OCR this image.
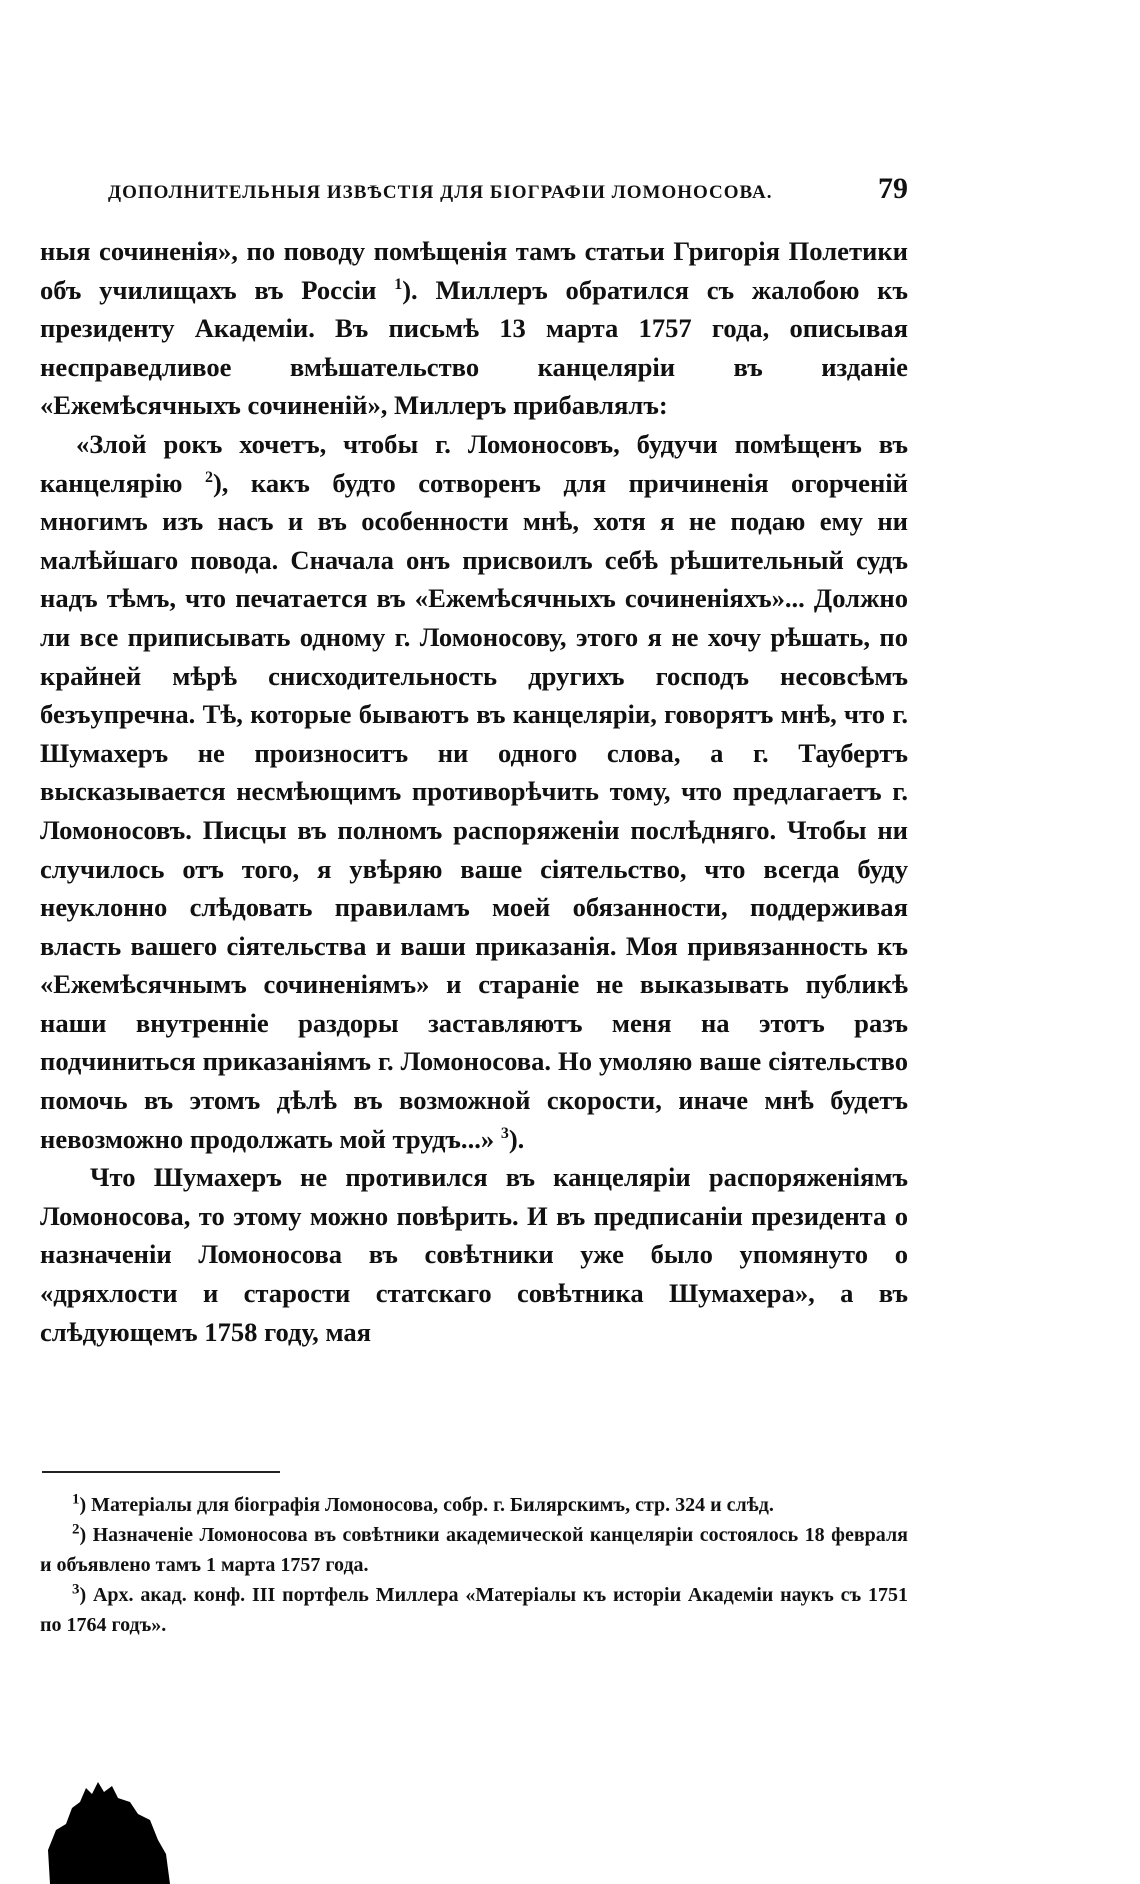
ДОПОЛНИТЕЛЬНЫЯ ИЗВѢСТІЯ ДЛЯ БІОГРАФІИ ЛОМОНОСОВА.	79

ныя сочиненія», по поводу помѣщенія тамъ статьи Григорія Полетики объ училищахъ въ Россіи $^1$). Миллеръ обратился съ жалобою къ президенту Академіи. Въ письмѣ 13 марта 1757 года, описывая несправедливое вмѣшательство канцеляріи въ изданіе «Ежемѣсячныхъ сочиненій», Миллеръ прибавлялъ:

«Злой рокъ хочетъ, чтобы г. Ломоносовъ, будучи помѣщенъ въ канцелярію $^2$), какъ будто сотворенъ для причиненія огорченій многимъ изъ насъ и въ особенности мнѣ, хотя я не подаю ему ни малѣйшаго повода. Сначала онъ присвоилъ себѣ рѣшительный судъ надъ тѣмъ, что печатается въ «Ежемѣсячныхъ сочиненіяхъ»... Должно ли все приписывать одному г. Ломоносову, этого я не хочу рѣшать, по крайней мѣрѣ снисходительность другихъ господъ несовсѣмъ безъупречна. Тѣ, которые бываютъ въ канцеляріи, говорятъ мнѣ, что г. Шумахеръ не произноситъ ни одного слова, а г. Таубертъ высказывается несмѣющимъ противорѣчить тому, что предлагаетъ г. Ломоносовъ. Писцы въ полномъ распоряженіи послѣдняго. Чтобы ни случилось отъ того, я увѣряю ваше сіятельство, что всегда буду неуклонно слѣдовать правиламъ моей обязанности, поддерживая власть вашего сіятельства и ваши приказанія. Моя привязанность къ «Ежемѣсячнымъ сочиненіямъ» и стараніе не выказывать публикѣ наши внутренніе раздоры заставляютъ меня на этотъ разъ подчиниться приказаніямъ г. Ломоносова. Но умоляю ваше сіятельство помочь въ этомъ дѣлѣ въ возможной скорости, иначе мнѣ будетъ невозможно продолжать мой трудъ...» $^3$).

Что Шумахеръ не противился въ канцеляріи распоряженіямъ Ломоносова, то этому можно повѣрить. И въ предписаніи президента о назначеніи Ломоносова въ совѣтники уже было упомянуто о «дряхлости и старости статскаго совѣтника Шумахера», а въ слѣдующемъ 1758 году, мая

$^1$) Матеріалы для біографія Ломоносова, собр. г. Билярскимъ, стр. 324 и слѣд.

$^2$) Назначеніе Ломоносова въ совѣтники академической канцеляріи состоялось 18 февраля и объявлено тамъ 1 марта 1757 года.

$^3$) Арх. акад. конф. III портфель Миллера «Матеріалы къ исторіи Академіи наукъ съ 1751 по 1764 годъ».
